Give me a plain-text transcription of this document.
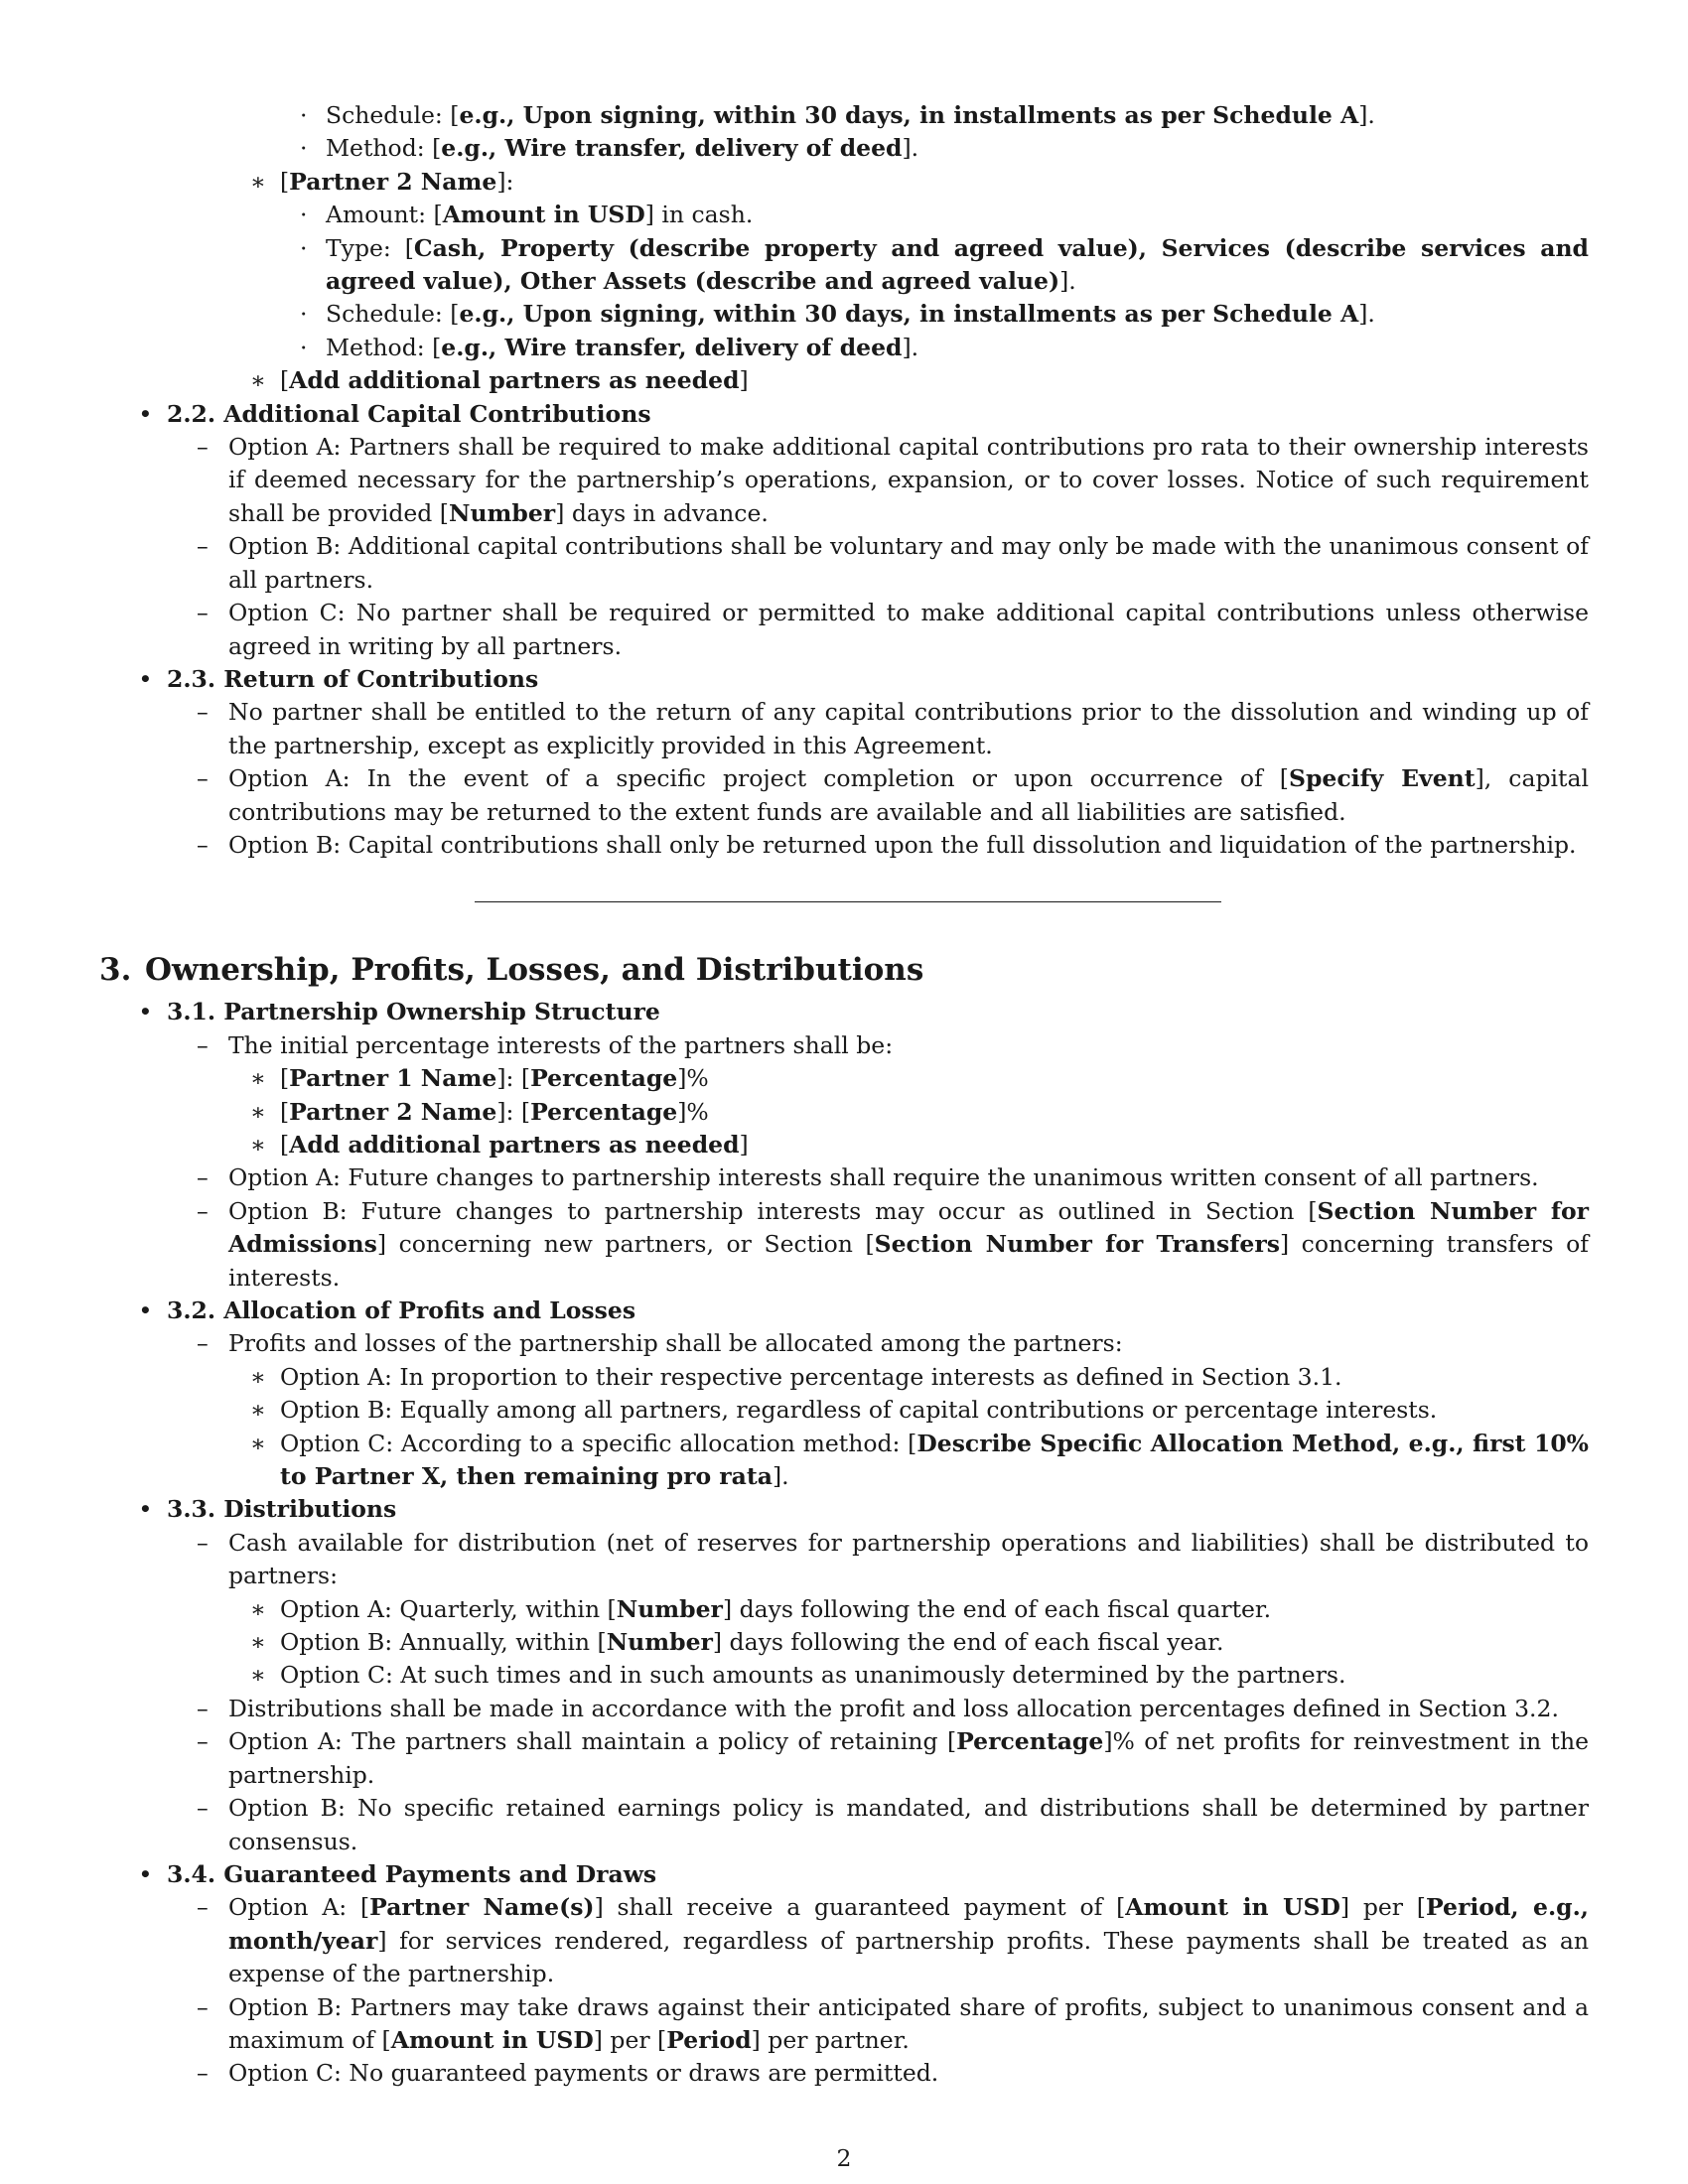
· Schedule: [e.g., Upon signing, within 30 days, in installments as per Schedule A].
· Method: [e.g., Wire transfer, delivery of deed].
∗ [Partner 2 Name]:
· Amount: [Amount in USD] in cash.
· Type: [Cash, Property (describe property and agreed value), Services (describe services and agreed value), Other Assets (describe and agreed value)].
· Schedule: [e.g., Upon signing, within 30 days, in installments as per Schedule A].
· Method: [e.g., Wire transfer, delivery of deed].
∗ [Add additional partners as needed]
• 2.2. Additional Capital Contributions
– Option A: Partners shall be required to make additional capital contributions pro rata to their ownership interests if deemed necessary for the partnership’s operations, expansion, or to cover losses. Notice of such requirement shall be provided [Number] days in advance.
– Option B: Additional capital contributions shall be voluntary and may only be made with the unanimous consent of all partners.
– Option C: No partner shall be required or permitted to make additional capital contributions unless otherwise agreed in writing by all partners.
• 2.3. Return of Contributions
– No partner shall be entitled to the return of any capital contributions prior to the dissolution and winding up of the partnership, except as explicitly provided in this Agreement.
– Option A: In the event of a specific project completion or upon occurrence of [Specify Event], capital contributions may be returned to the extent funds are available and all liabilities are satisfied.
– Option B: Capital contributions shall only be returned upon the full dissolution and liquidation of the partnership.
3. Ownership, Profits, Losses, and Distributions
• 3.1. Partnership Ownership Structure
– The initial percentage interests of the partners shall be:
∗ [Partner 1 Name]: [Percentage]%
∗ [Partner 2 Name]: [Percentage]%
∗ [Add additional partners as needed]
– Option A: Future changes to partnership interests shall require the unanimous written consent of all partners.
– Option B: Future changes to partnership interests may occur as outlined in Section [Section Number for Admissions] concerning new partners, or Section [Section Number for Transfers] concerning transfers of interests.
• 3.2. Allocation of Profits and Losses
– Profits and losses of the partnership shall be allocated among the partners:
∗ Option A: In proportion to their respective percentage interests as defined in Section 3.1.
∗ Option B: Equally among all partners, regardless of capital contributions or percentage interests.
∗ Option C: According to a specific allocation method: [Describe Specific Allocation Method, e.g., first 10% to Partner X, then remaining pro rata].
• 3.3. Distributions
– Cash available for distribution (net of reserves for partnership operations and liabilities) shall be distributed to partners:
∗ Option A: Quarterly, within [Number] days following the end of each fiscal quarter.
∗ Option B: Annually, within [Number] days following the end of each fiscal year.
∗ Option C: At such times and in such amounts as unanimously determined by the partners.
– Distributions shall be made in accordance with the profit and loss allocation percentages defined in Section 3.2.
– Option A: The partners shall maintain a policy of retaining [Percentage]% of net profits for reinvestment in the partnership.
– Option B: No specific retained earnings policy is mandated, and distributions shall be determined by partner consensus.
• 3.4. Guaranteed Payments and Draws
– Option A: [Partner Name(s)] shall receive a guaranteed payment of [Amount in USD] per [Period, e.g., month/year] for services rendered, regardless of partnership profits. These payments shall be treated as an expense of the partnership.
– Option B: Partners may take draws against their anticipated share of profits, subject to unanimous consent and a maximum of [Amount in USD] per [Period] per partner.
– Option C: No guaranteed payments or draws are permitted.
2
